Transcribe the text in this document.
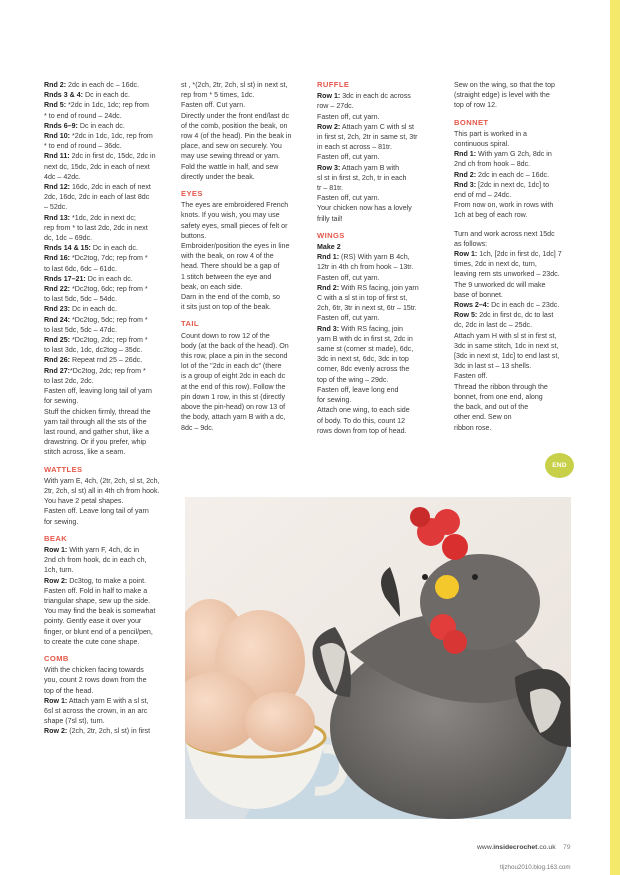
Rnd 2: 2dc in each dc – 16dc.
Rnds 3 & 4: Dc in each dc.
Rnd 5: *2dc in 1dc, 1dc; rep from
* to end of round – 24dc.
Rnds 6–9: Dc in each dc.
Rnd 10: *2dc in 1dc, 1dc, rep from
* to end of round – 36dc.
Rnd 11: 2dc in first dc, 15dc, 2dc in
next dc, 15dc, 2dc in each of next
4dc – 42dc.
Rnd 12: 16dc, 2dc in each of next
2dc, 16dc, 2dc in each of last 8dc
– 52dc.
Rnd 13: *1dc, 2dc in next dc;
rep from * to last 2dc, 2dc in next
dc, 1dc – 69dc.
Rnds 14 & 15: Dc in each dc.
Rnd 16: *Dc2tog, 7dc; rep from *
to last 6dc, 6dc – 61dc.
Rnds 17–21: Dc in each dc.
Rnd 22: *Dc2tog, 6dc; rep from *
to last 5dc, 5dc – 54dc.
Rnd 23: Dc in each dc.
Rnd 24: *Dc2tog, 5dc; rep from *
to last 5dc, 5dc – 47dc.
Rnd 25: *Dc2tog, 2dc; rep from *
to last 3dc, 1dc, dc2tog – 35dc.
Rnd 26: Repeat rnd 25 – 26dc.
Rnd 27:*Dc2tog, 2dc; rep from *
to last 2dc, 2dc.
Fasten off, leaving long tail of yarn
for sewing.
Stuff the chicken firmly, thread the
yarn tail through all the sts of the
last round, and gather shut, like a
drawstring. Or if you prefer, whip
stitch across, like a seam.
WATTLES
With yarn E, 4ch, (2tr, 2ch, sl st, 2ch,
2tr, 2ch, sl st) all in 4th ch from hook.
You have 2 petal shapes.
Fasten off. Leave long tail of yarn
for sewing.
BEAK
Row 1: With yarn F, 4ch, dc in
2nd ch from hook, dc in each ch,
1ch, turn.
Row 2: Dc3tog, to make a point.
Fasten off. Fold in half to make a
triangular shape, sew up the side.
You may find the beak is somewhat
pointy. Gently ease it over your
finger, or blunt end of a pencil/pen,
to create the cute cone shape.
COMB
With the chicken facing towards
you, count 2 rows down from the
top of the head.
Row 1: Attach yarn E with a sl st,
6sl st across the crown, in an arc
shape (7sl st), turn.
Row 2: (2ch, 2tr, 2ch, sl st) in first
st , *(2ch, 2tr, 2ch, sl st) in next st,
rep from * 5 times, 1dc.
Fasten off. Cut yarn.
Directly under the front end/last dc
of the comb, position the beak, on
row 4 (of the head). Pin the beak in
place, and sew on securely. You
may use sewing thread or yarn.
Fold the wattle in half, and sew
directly under the beak.
EYES
The eyes are embroidered French
knots. If you wish, you may use
safety eyes, small pieces of felt or
buttons.
Embroider/position the eyes in line
with the beak, on row 4 of the
head. There should be a gap of
1 stitch between the eye and
beak, on each side.
Darn in the end of the comb, so
it sits just on top of the beak.
TAIL
Count down to row 12 of the
body (at the back of the head). On
this row, place a pin in the second
lot of the "2dc in each dc" (there
is a group of eight 2dc in each dc
at the end of this row). Follow the
pin down 1 row, in this st (directly
above the pin-head) on row 13 of
the body, attach yarn B with a dc,
8dc – 9dc.
RUFFLE
Row 1: 3dc in each dc across
row – 27dc.
Fasten off, cut yarn.
Row 2: Attach yarn C with sl st
in first st, 2ch, 2tr in same st, 3tr
in each st across – 81tr.
Fasten off, cut yarn.
Row 3: Attach yarn B with
sl st in first st, 2ch, tr in each
tr – 81tr.
Fasten off, cut yarn.
Your chicken now has a lovely
frilly tail!
WINGS
Make 2
Rnd 1: (RS) With yarn B 4ch,
12tr in 4th ch from hook – 13tr.
Fasten off, cut yarn.
Rnd 2: With RS facing, join yarn
C with a sl st in top of first st,
2ch, 6tr, 3tr in next st, 6tr – 15tr.
Fasten off, cut yarn.
Rnd 3: With RS facing, join
yarn B with dc in first st, 2dc in
same st (corner st made), 6dc,
3dc in next st, 6dc, 3dc in top
corner, 8dc evenly across the
top of the wing – 29dc.
Fasten off, leave long end
for sewing.
Attach one wing, to each side
of body. To do this, count 12
rows down from top of head.
Sew on the wing, so that the top
(straight edge) is level with the
top of row 12.
BONNET
This part is worked in a
continuous spiral.
Rnd 1: With yarn G 2ch, 8dc in
2nd ch from hook – 8dc.
Rnd 2: 2dc in each dc – 16dc.
Rnd 3: [2dc in next dc, 1dc] to
end of rnd – 24dc.
From now on, work in rows with
1ch at beg of each row.
Turn and work across next 15dc
as follows:
Row 1: 1ch, [2dc in first dc, 1dc] 7
times, 2dc in next dc, turn,
leaving rem sts unworked – 23dc.
The 9 unworked dc will make
base of bonnet.
Rows 2–4: Dc in each dc – 23dc.
Row 5: 2dc in first dc, dc to last
dc, 2dc in last dc – 25dc.
Attach yarn H with sl st in first st,
3dc in same stitch, 1dc in next st,
[3dc in next st, 1dc] to end last st,
3dc in last st – 13 shells.
Fasten off.
Thread the ribbon through the
bonnet, from one end, along
the back, and out of the
other end. Sew on
ribbon rose.
END
www.insidecrochet.co.uk 79
tljzhou2010.blog.163.com
